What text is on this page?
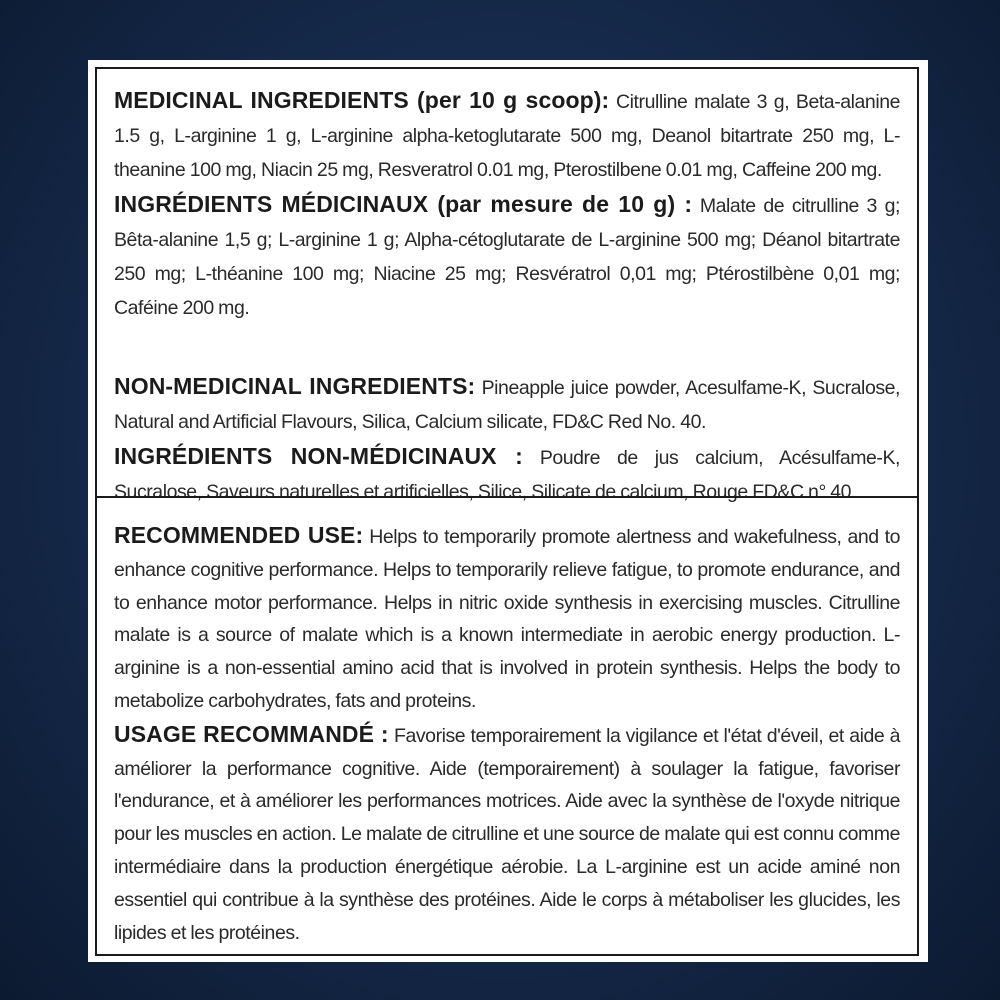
MEDICINAL INGREDIENTS (per 10 g scoop): Citrulline malate 3 g, Beta-alanine 1.5 g, L-arginine 1 g, L-arginine alpha-ketoglutarate 500 mg, Deanol bitartrate 250 mg, L-theanine 100 mg, Niacin 25 mg, Resveratrol 0.01 mg, Pterostilbene 0.01 mg, Caffeine 200 mg.

INGRÉDIENTS MÉDICINAUX (par mesure de 10 g) : Malate de citrulline 3 g; Bêta-alanine 1,5 g; L-arginine 1 g; Alpha-cétoglutarate de L-arginine 500 mg; Déanol bitartrate 250 mg; L-théanine 100 mg; Niacine 25 mg; Resvératrol 0,01 mg; Ptérostilbène 0,01 mg; Caféine 200 mg.

NON-MEDICINAL INGREDIENTS: Pineapple juice powder, Acesulfame-K, Sucralose, Natural and Artificial Flavours, Silica, Calcium silicate, FD&C Red No. 40.

INGRÉDIENTS NON-MÉDICINAUX : Poudre de jus calcium, Acésulfame-K, Sucralose, Saveurs naturelles et artificielles, Silice, Silicate de calcium, Rouge FD&C n° 40.

RECOMMENDED USE: Helps to temporarily promote alertness and wakefulness, and to enhance cognitive performance. Helps to temporarily relieve fatigue, to promote endurance, and to enhance motor performance. Helps in nitric oxide synthesis in exercising muscles. Citrulline malate is a source of malate which is a known intermediate in aerobic energy production. L-arginine is a non-essential amino acid that is involved in protein synthesis. Helps the body to metabolize carbohydrates, fats and proteins.

USAGE RECOMMANDÉ : Favorise temporairement la vigilance et l'état d'éveil, et aide à améliorer la performance cognitive. Aide (temporairement) à soulager la fatigue, favoriser l'endurance, et à améliorer les performances motrices. Aide avec la synthèse de l'oxyde nitrique pour les muscles en action. Le malate de citrulline et une source de malate qui est connu comme intermédiaire dans la production énergétique aérobie. La L-arginine est un acide aminé non essentiel qui contribue à la synthèse des protéines. Aide le corps à métaboliser les glucides, les lipides et les protéines.
